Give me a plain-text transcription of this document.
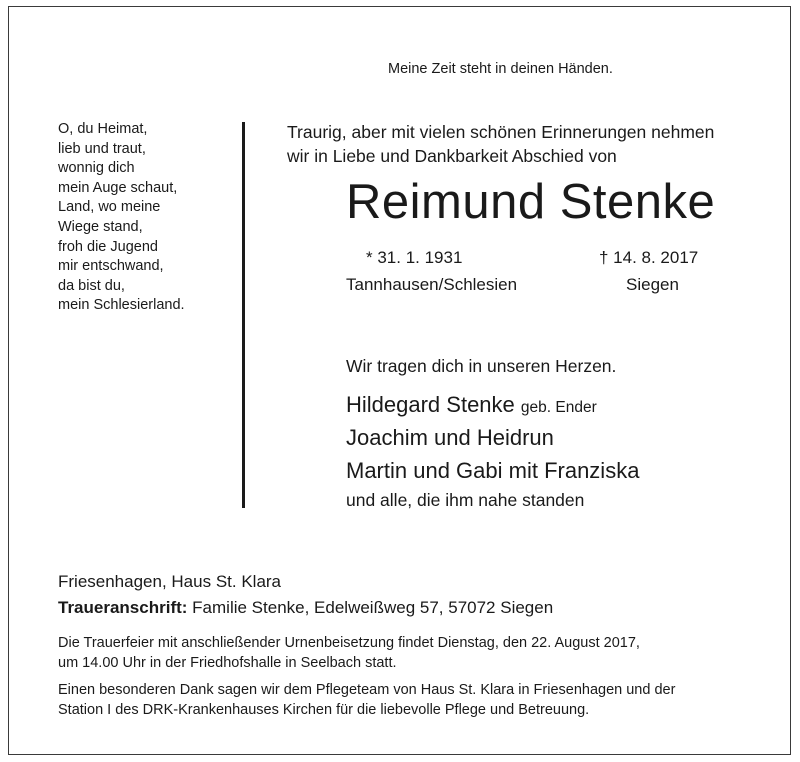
Meine Zeit steht in deinen Händen.
O, du Heimat,
lieb und traut,
wonnig dich
mein Auge schaut,
Land, wo meine
Wiege stand,
froh die Jugend
mir entschwand,
da bist du,
mein Schlesierland.
Traurig, aber mit vielen schönen Erinnerungen nehmen
wir in Liebe und Dankbarkeit Abschied von
Reimund Stenke
* 31. 1. 1931	† 14. 8. 2017
Tannhausen/Schlesien	Siegen
Wir tragen dich in unseren Herzen.
Hildegard Stenke geb. Ender
Joachim und Heidrun
Martin und Gabi mit Franziska
und alle, die ihm nahe standen
Friesenhagen, Haus St. Klara
Traueranschrift: Familie Stenke, Edelweißweg 57, 57072 Siegen
Die Trauerfeier mit anschließender Urnenbeisetzung findet Dienstag, den 22. August 2017,
um 14.00 Uhr in der Friedhofshalle in Seelbach statt.
Einen besonderen Dank sagen wir dem Pflegeteam von Haus St. Klara in Friesenhagen und der
Station I des DRK-Krankenhauses Kirchen für die liebevolle Pflege und Betreuung.
